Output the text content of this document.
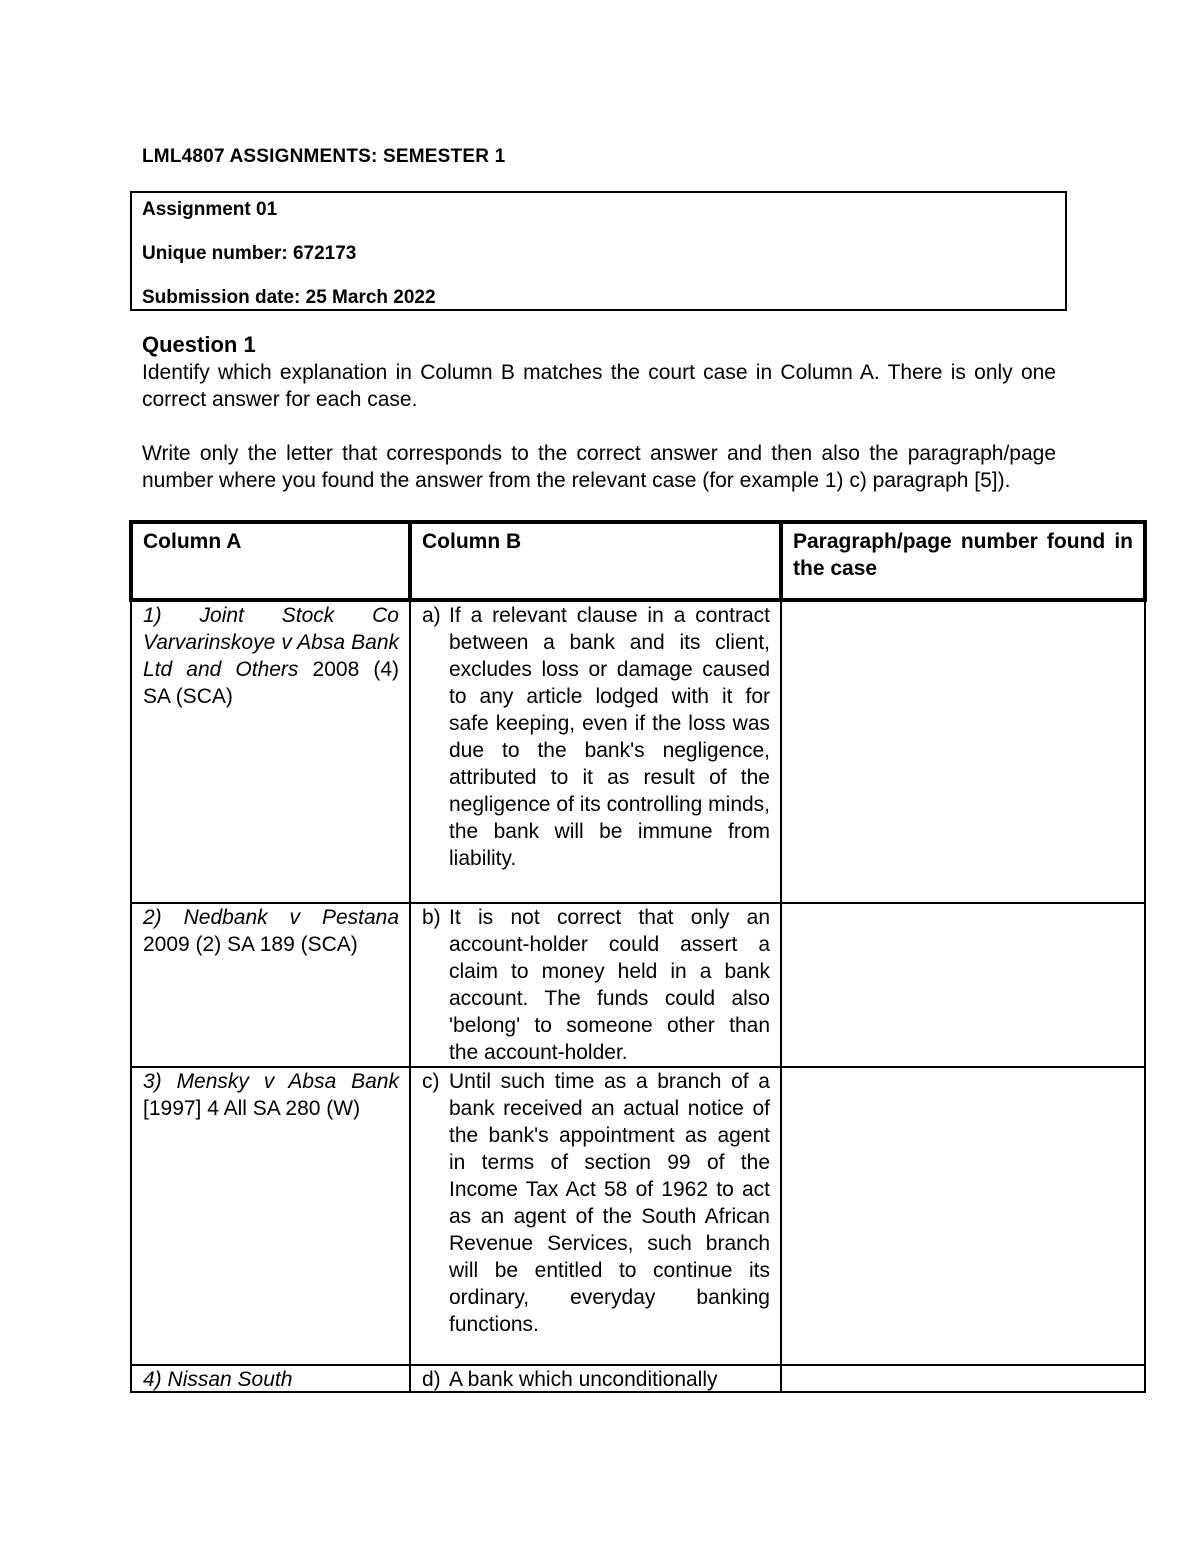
LML4807 ASSIGNMENTS: SEMESTER 1
Assignment 01
Unique number: 672173
Submission date: 25 March 2022
Question 1
Identify which explanation in Column B matches the court case in Column A. There is only one correct answer for each case.
Write only the letter that corresponds to the correct answer and then also the paragraph/page number where you found the answer from the relevant case (for example 1) c) paragraph [5]).
Column A	Column B	Paragraph/page number found in the case

1) Joint Stock Co Varvarinskoye v Absa Bank Ltd and Others 2008 (4) SA (SCA)	a) If a relevant clause in a contract between a bank and its client, excludes loss or damage caused to any article lodged with it for safe keeping, even if the loss was due to the bank's negligence, attributed to it as result of the negligence of its controlling minds, the bank will be immune from liability.	

2) Nedbank v Pestana 2009 (2) SA 189 (SCA)	b) It is not correct that only an account-holder could assert a claim to money held in a bank account. The funds could also 'belong' to someone other than the account-holder.	

3) Mensky v Absa Bank [1997] 4 All SA 280 (W)	c) Until such time as a branch of a bank received an actual notice of the bank's appointment as agent in terms of section 99 of the Income Tax Act 58 of 1962 to act as an agent of the South African Revenue Services, such branch will be entitled to continue its ordinary, everyday banking functions.	

4) Nissan South	d) A bank which unconditionally	
